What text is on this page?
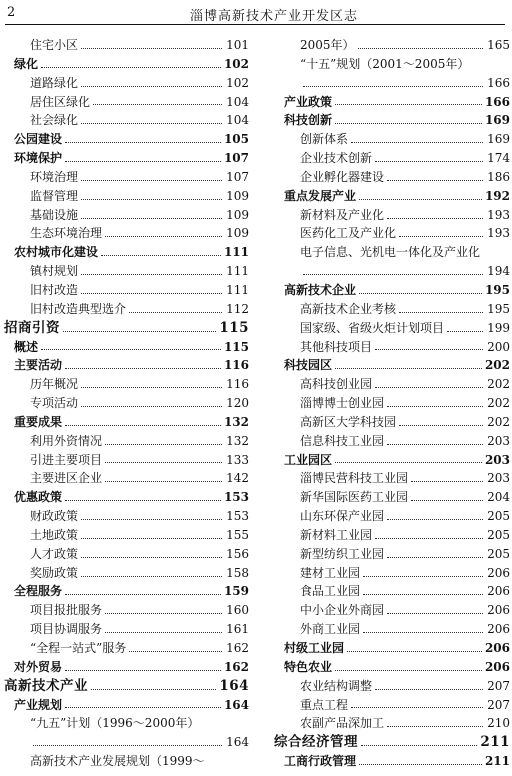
2	淄博高新技术产业开发区志
住宅小区	101
绿化	102
道路绿化	102
居住区绿化	104
社会绿化	104
公园建设	105
环境保护	107
环境治理	107
监督管理	109
基础设施	109
生态环境治理	109
农村城市化建设	111
镇村规划	111
旧村改造	111
旧村改造典型选介	112
招商引资	115
概述	115
主要活动	116
历年概况	116
专项活动	120
重要成果	132
利用外资情况	132
引进主要项目	133
主要进区企业	142
优惠政策	153
财政政策	153
土地政策	155
人才政策	156
奖励政策	158
全程服务	159
项目报批服务	160
项目协调服务	161
“全程一站式”服务	162
对外贸易	162
高新技术产业	164
产业规划	164
“九五”计划（1996～2000年）
164
高新技术产业发展规划（1999～
2005年）	165
“十五”规划（2001～2005年）
166
产业政策	166
科技创新	169
创新体系	169
企业技术创新	174
企业孵化器建设	186
重点发展产业	192
新材料及产业化	193
医药化工及产业化	193
电子信息、光机电一体化及产业化
194
高新技术企业	195
高新技术企业考核	195
国家级、省级火炬计划项目	199
其他科技项目	200
科技园区	202
高科技创业园	202
淄博博士创业园	202
高新区大学科技园	202
信息科技工业园	203
工业园区	203
淄博民营科技工业园	203
新华国际医药工业园	204
山东环保产业园	205
新材料工业园	205
新型纺织工业园	205
建材工业园	206
食品工业园	206
中小企业外商园	206
外商工业园	206
村级工业园	206
特色农业	206
农业结构调整	207
重点工程	207
农副产品深加工	210
综合经济管理	211
工商行政管理	211
